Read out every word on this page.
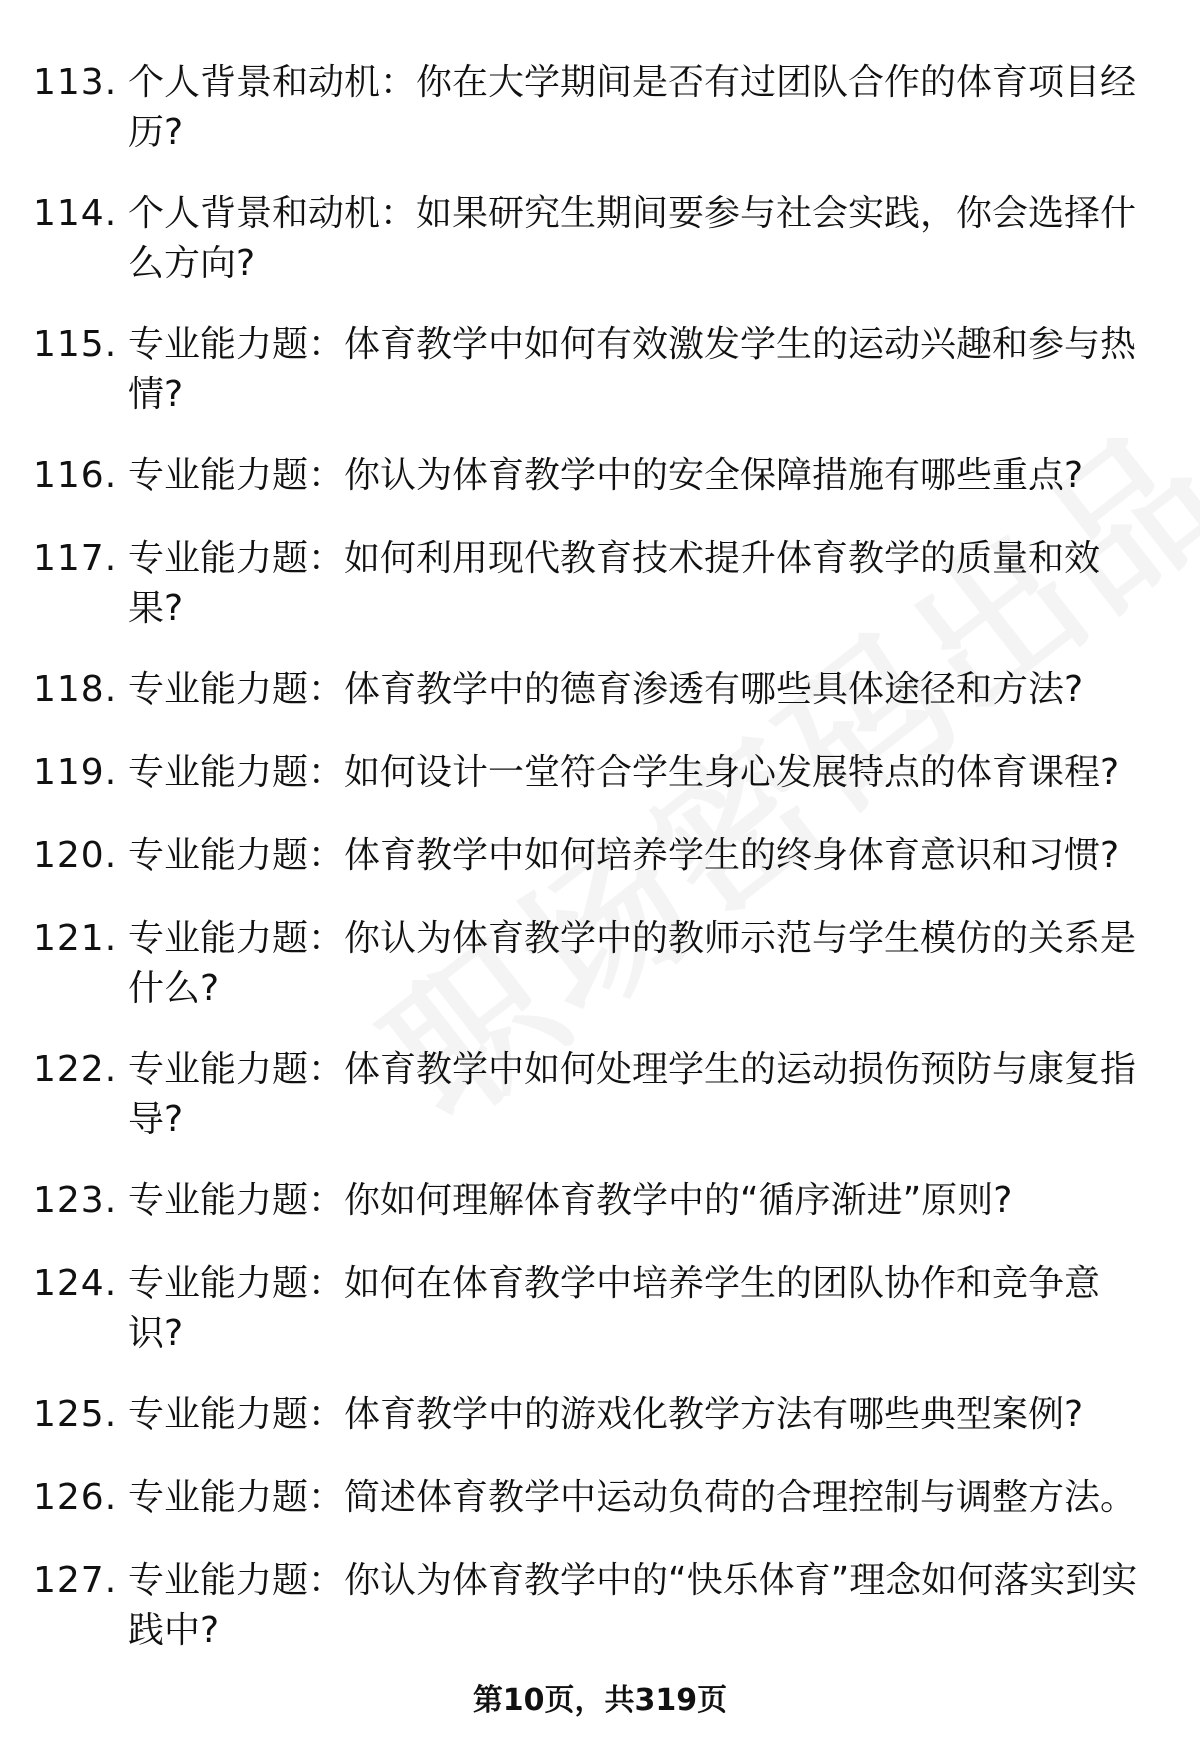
113. 个人背景和动机：你在大学期间是否有过团队合作的体育项目经历?
114. 个人背景和动机：如果研究生期间要参与社会实践，你会选择什么方向?
115. 专业能力题：体育教学中如何有效激发学生的运动兴趣和参与热情?
116. 专业能力题：你认为体育教学中的安全保障措施有哪些重点?
117. 专业能力题：如何利用现代教育技术提升体育教学的质量和效果?
118. 专业能力题：体育教学中的德育渗透有哪些具体途径和方法?
119. 专业能力题：如何设计一堂符合学生身心发展特点的体育课程?
120. 专业能力题：体育教学中如何培养学生的终身体育意识和习惯?
121. 专业能力题：你认为体育教学中的教师示范与学生模仿的关系是什么?
122. 专业能力题：体育教学中如何处理学生的运动损伤预防与康复指导?
123. 专业能力题：你如何理解体育教学中的“循序渐进”原则?
124. 专业能力题：如何在体育教学中培养学生的团队协作和竞争意识?
125. 专业能力题：体育教学中的游戏化教学方法有哪些典型案例?
126. 专业能力题：简述体育教学中运动负荷的合理控制与调整方法。
127. 专业能力题：你认为体育教学中的“快乐体育”理念如何落实到实践中?
第10页，共319页
